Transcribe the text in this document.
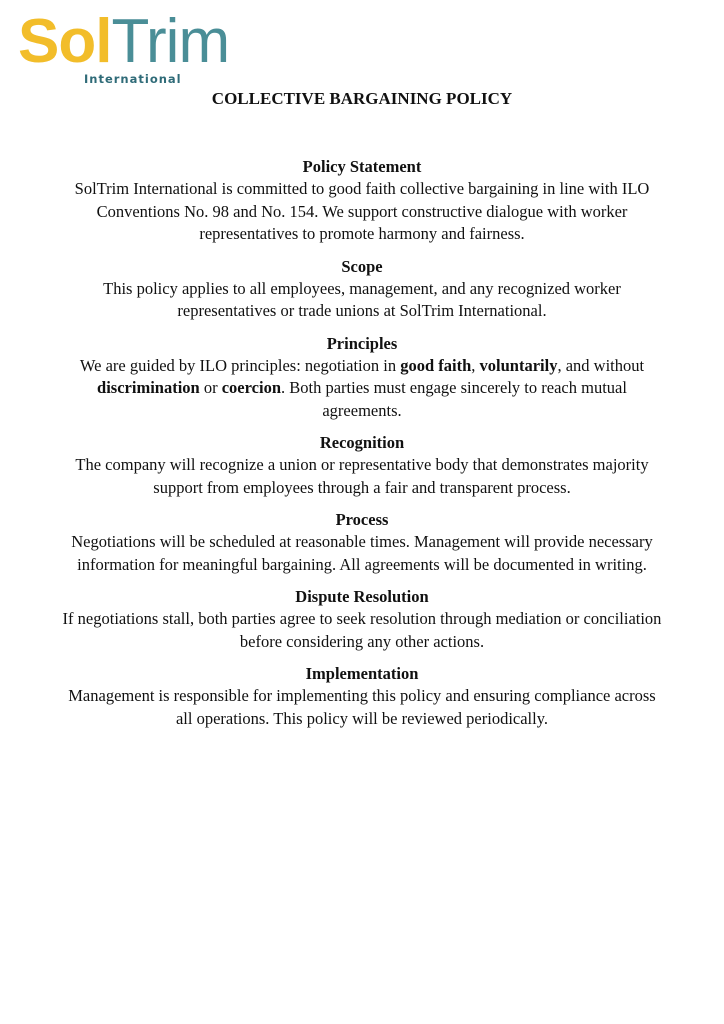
SolTrim
International
COLLECTIVE BARGAINING POLICY
Policy Statement

SolTrim International is committed to good faith collective bargaining in line with ILO Conventions No. 98 and No. 154. We support constructive dialogue with worker representatives to promote harmony and fairness.

Scope

This policy applies to all employees, management, and any recognized worker representatives or trade unions at SolTrim International.

Principles

We are guided by ILO principles: negotiation in good faith, voluntarily, and without discrimination or coercion. Both parties must engage sincerely to reach mutual agreements.

Recognition

The company will recognize a union or representative body that demonstrates majority support from employees through a fair and transparent process.

Process

Negotiations will be scheduled at reasonable times. Management will provide necessary information for meaningful bargaining. All agreements will be documented in writing.

Dispute Resolution

If negotiations stall, both parties agree to seek resolution through mediation or conciliation before considering any other actions.

Implementation

Management is responsible for implementing this policy and ensuring compliance across all operations. This policy will be reviewed periodically.
